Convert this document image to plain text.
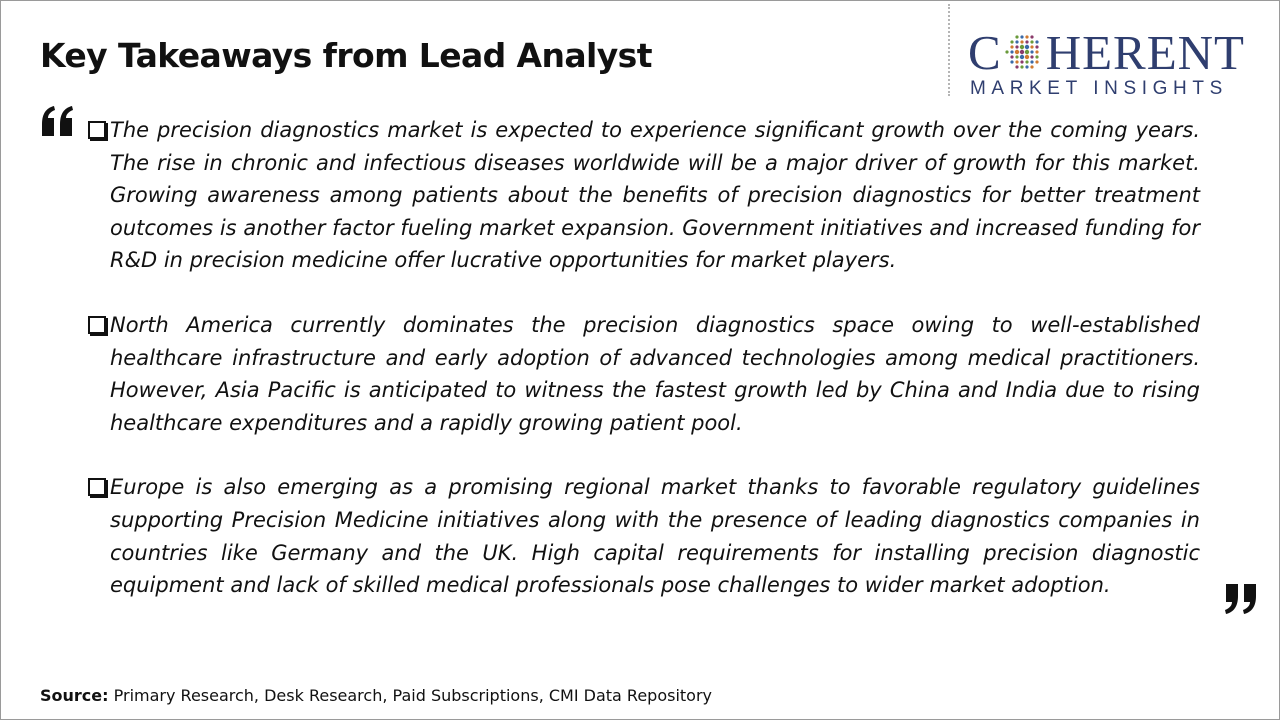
Key Takeaways from Lead Analyst	C HERENT
MARKET INSIGHTS
The precision diagnostics market is expected to experience significant growth over the coming years. The rise in chronic and infectious diseases worldwide will be a major driver of growth for this market. Growing awareness among patients about the benefits of precision diagnostics for better treatment outcomes is another factor fueling market expansion. Government initiatives and increased funding for R&D in precision medicine offer lucrative opportunities for market players.
North America currently dominates the precision diagnostics space owing to well-established healthcare infrastructure and early adoption of advanced technologies among medical practitioners. However, Asia Pacific is anticipated to witness the fastest growth led by China and India due to rising healthcare expenditures and a rapidly growing patient pool.
Europe is also emerging as a promising regional market thanks to favorable regulatory guidelines supporting Precision Medicine initiatives along with the presence of leading diagnostics companies in countries like Germany and the UK. High capital requirements for installing precision diagnostic equipment and lack of skilled medical professionals pose challenges to wider market adoption.
Source: Primary Research, Desk Research, Paid Subscriptions, CMI Data Repository
